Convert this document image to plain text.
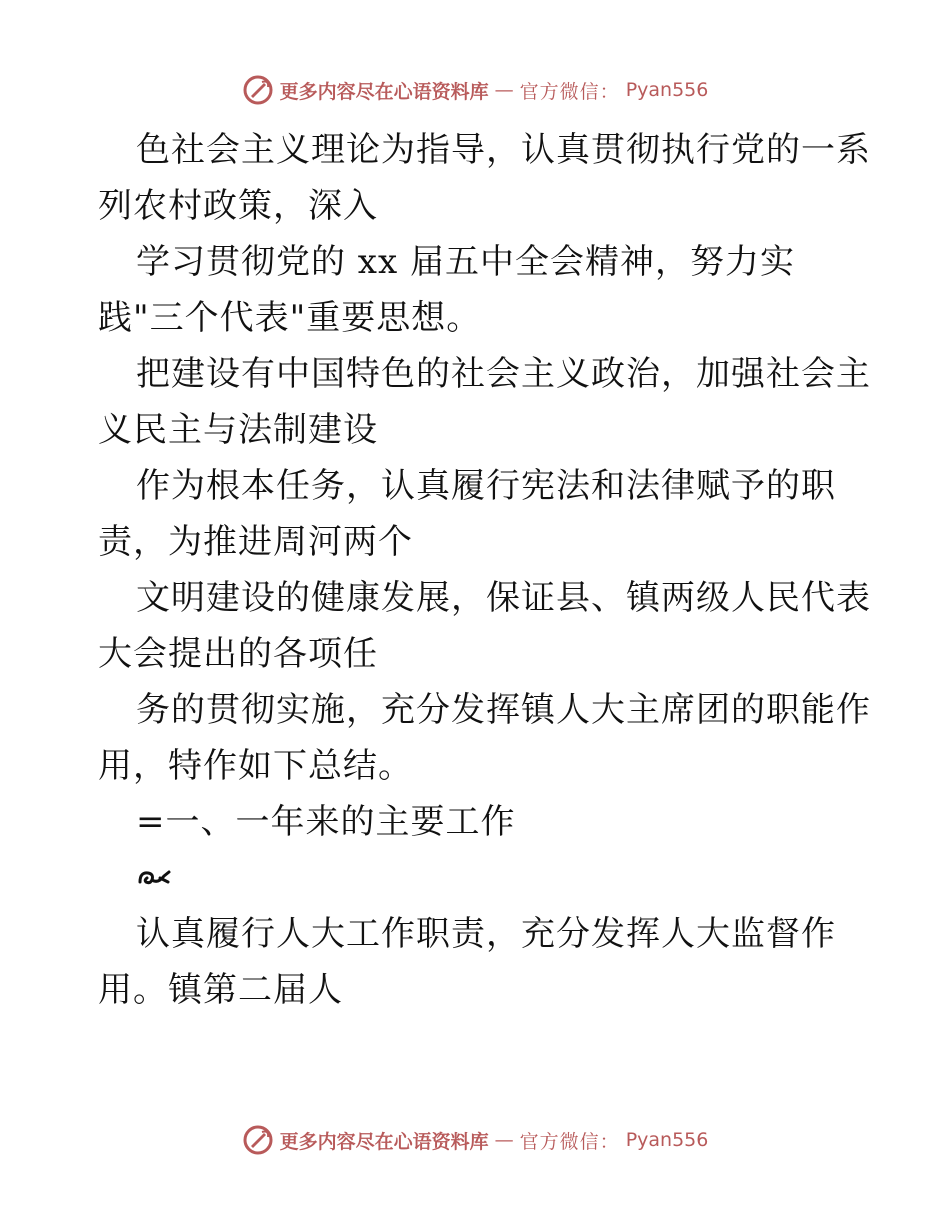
更多内容尽在心语资料库 — 官方微信： Pyan556
色社会主义理论为指导，认真贯彻执行党的一系
列农村政策，深入
学习贯彻党的 xx 届五中全会精神，努力实
践"三个代表"重要思想。
把建设有中国特色的社会主义政治，加强社会主
义民主与法制建设
作为根本任务，认真履行宪法和法律赋予的职
责，为推进周河两个
文明建设的健康发展，保证县、镇两级人民代表
大会提出的各项任
务的贯彻实施，充分发挥镇人大主席团的职能作
用，特作如下总结。
=一、一年来的主要工作
认真履行人大工作职责，充分发挥人大监督作
用。镇第二届人
更多内容尽在心语资料库 — 官方微信： Pyan556
